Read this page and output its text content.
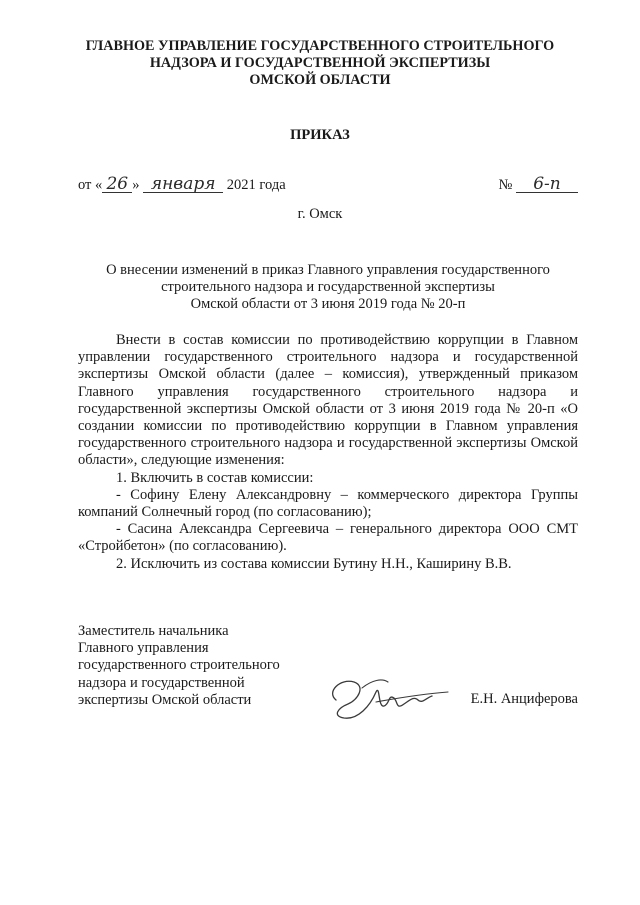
ГЛАВНОЕ УПРАВЛЕНИЕ ГОСУДАРСТВЕННОГО СТРОИТЕЛЬНОГО
НАДЗОРА И ГОСУДАРСТВЕННОЙ ЭКСПЕРТИЗЫ
ОМСКОЙ ОБЛАСТИ
ПРИКАЗ
от « 26 » января 2021 года	№ 6-п
г. Омск
О внесении изменений в приказ Главного управления государственного
строительного надзора и государственной экспертизы
Омской области от 3 июня 2019 года № 20-п

Внести в состав комиссии по противодействию коррупции в Главном управлении государственного строительного надзора и государственной экспертизы Омской области (далее – комиссия), утвержденный приказом Главного управления государственного строительного надзора и государственной экспертизы Омской области от 3 июня 2019 года № 20-п «О создании комиссии по противодействию коррупции в Главном управления государственного строительного надзора и государственной экспертизы Омской области», следующие изменения:

1. Включить в состав комиссии:

- Софину Елену Александровну – коммерческого директора Группы компаний Солнечный город (по согласованию);

- Сасина Александра Сергеевича – генерального директора ООО СМТ «Стройбетон» (по согласованию).

2. Исключить из состава комиссии Бутину Н.Н., Каширину В.В.

Заместитель начальника
Главного управления
государственного строительного
надзора и государственной
экспертизы Омской области	Е.Н. Анциферова
